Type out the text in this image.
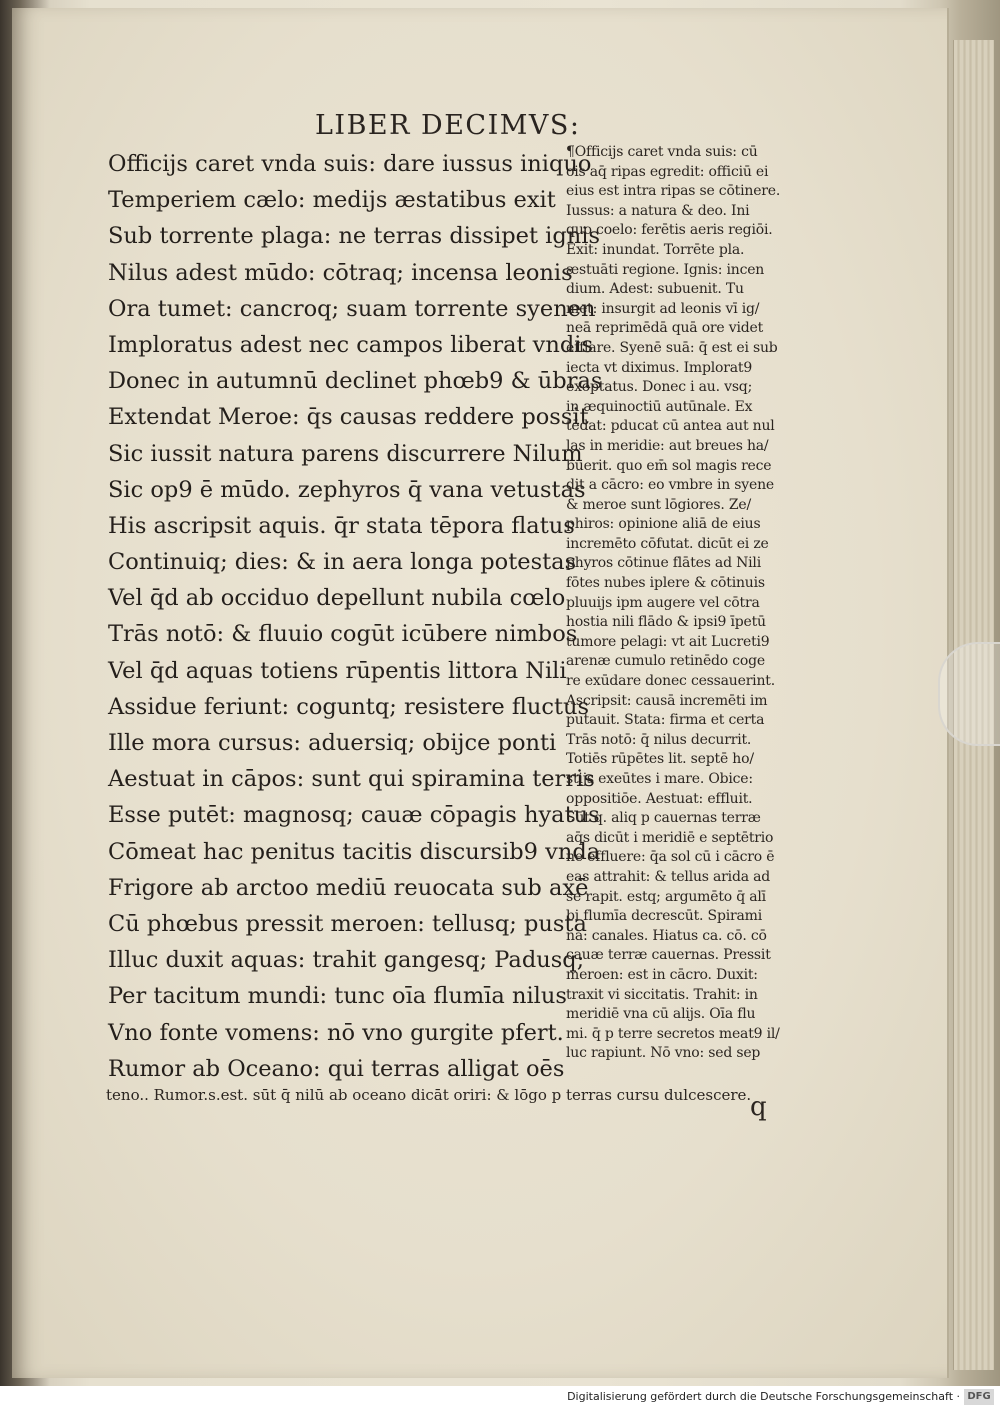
LIBER DECIMVS:
Officijs caret vnda suis: dare iussus iniquo
Temperiem cælo: medijs æstatibus exit
Sub torrente plaga: ne terras dissipet ignis
Nilus adest mūdo: cōtraq; incensa leonis
Ora tumet: cancroq; suam torrente syenen
Imploratus adest nec campos liberat vndis
Donec in autumnū declinet phœb9 & ūbras
Extendat Meroe: q̄s causas reddere possit
Sic iussit natura parens discurrere Nilum
Sic op9 ē mūdo. zephyros q̄ vana vetustas
His ascripsit aquis. q̄r stata tēpora flatus
Continuiq; dies: & in aera longa potestas
Vel q̄d ab occiduo depellunt nubila cœlo
Trās notō: & fluuio cogūt icūbere nimbos
Vel q̄d aquas totiens rūpentis littora Nili
Assidue feriunt: coguntq; resistere fluctus
Ille mora cursus: aduersiq; obijce ponti
Aestuat in cāpos: sunt qui spiramina terris
Esse putēt: magnosq; cauæ cōpagis hyatus
Cōmeat hac penitus tacitis discursib9 vnda
Frigore ab arctoo mediū reuocata sub axē
Cū phœbus pressit meroen: tellusq; pusta
Illuc duxit aquas: trahit gangesq; Padusq;
Per tacitum mundi: tunc oīa flumīa nilus
Vno fonte vomens: nō vno gurgite pfert.
Rumor ab Oceano: qui terras alligat oēs
¶Officijs caret vnda suis: cū
ois aq̄ ripas egredit: officiū ei
eius est intra ripas se cōtinere.
Iussus: a natura & deo. Ini
quo coelo: ferētis aeris regiōi.
Exit: inundat. Torrēte pla.
æstuāti regione. Ignis: incen
dium. Adest: subuenit. Tu
met: insurgit ad leonis vī ig/
neā reprimēdā quā ore videt
efflare. Syenē suā: q̄ est ei sub
iecta vt diximus. Implorat9
exoptatus. Donec i au. vsq;
in æquinoctiū autūnale. Ex
tēdat: pducat cū antea aut nul
las in meridie: aut breues ha/
buerit. quo em̄ sol magis rece
dit a cācro: eo vmbre in syene
& meroe sunt lōgiores. Ze/
phiros: opinione aliā de eius
incremēto cōfutat. dicūt ei ze
phyros cōtinue flātes ad Nili
fōtes nubes iplere & cōtinuis
pluuijs ipm augere vel cōtra
hostia nili flādo & ipsi9 īpetū
tumore pelagi: vt ait Lucreti9
arenæ cumulo retinēdo coge
re exūdare donec cessauerint.
Ascripsit: causā incremēti im
putauit. Stata: firma et certa
Trās notō: q̄ nilus decurrit.
Totiēs rūpētes lit. septē ho/
stijs exeūtes i mare. Obice:
oppositiōe. Aestuat: effluit.
Sūt q. aliq p cauernas terræ
aq̄s dicūt i meridiē e septētrio
ne effluere: q̄a sol cū i cācro ē
eas attrahit: & tellus arida ad
se rapit. estq; argumēto q̄ alī
bi flumīa decrescūt. Spirami
na: canales. Hiatus ca. cō. cō
cauæ terræ cauernas. Pressit
meroen: est in cācro. Duxit:
traxit vi siccitatis. Trahit: in
meridiē vna cū alijs. Oīa flu
mi. q̄ p terre secretos meat9 il/
luc rapiunt. Nō vno: sed sep
teno.. Rumor.s.est. sūt q̄ nilū ab oceano dicāt oriri: & lōgo p terras cursu dulcescere.
q
Digitalisierung gefördert durch die Deutsche Forschungsgemeinschaft · DFG
